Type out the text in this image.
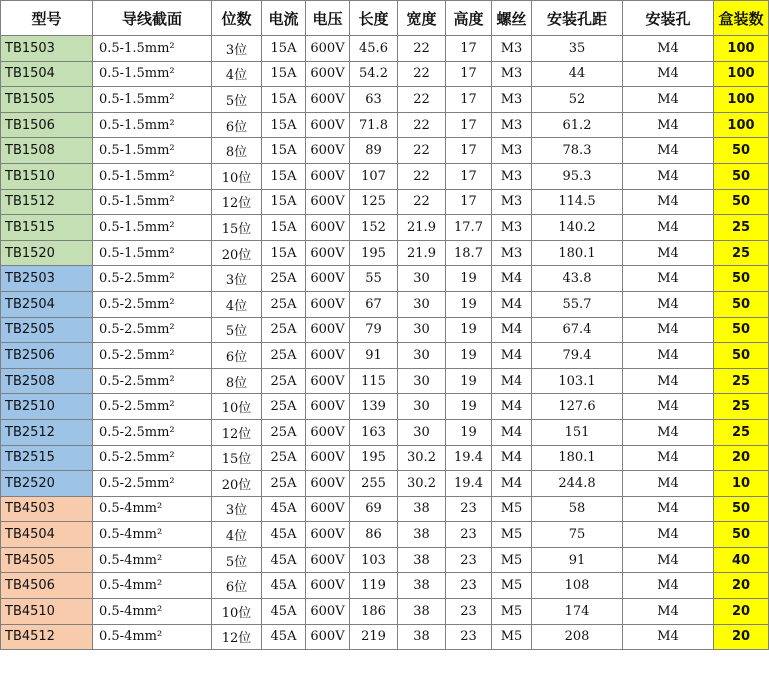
型号	导线截面	位数	电流	电压	长度	宽度	高度	螺丝	安装孔距	安装孔	盒装数
TB1503	0.5-1.5mm²	3位	15A	600V	45.6	22	17	M3	35	M4	100
TB1504	0.5-1.5mm²	4位	15A	600V	54.2	22	17	M3	44	M4	100
TB1505	0.5-1.5mm²	5位	15A	600V	63	22	17	M3	52	M4	100
TB1506	0.5-1.5mm²	6位	15A	600V	71.8	22	17	M3	61.2	M4	100
TB1508	0.5-1.5mm²	8位	15A	600V	89	22	17	M3	78.3	M4	50
TB1510	0.5-1.5mm²	10位	15A	600V	107	22	17	M3	95.3	M4	50
TB1512	0.5-1.5mm²	12位	15A	600V	125	22	17	M3	114.5	M4	50
TB1515	0.5-1.5mm²	15位	15A	600V	152	21.9	17.7	M3	140.2	M4	25
TB1520	0.5-1.5mm²	20位	15A	600V	195	21.9	18.7	M3	180.1	M4	25
TB2503	0.5-2.5mm²	3位	25A	600V	55	30	19	M4	43.8	M4	50
TB2504	0.5-2.5mm²	4位	25A	600V	67	30	19	M4	55.7	M4	50
TB2505	0.5-2.5mm²	5位	25A	600V	79	30	19	M4	67.4	M4	50
TB2506	0.5-2.5mm²	6位	25A	600V	91	30	19	M4	79.4	M4	50
TB2508	0.5-2.5mm²	8位	25A	600V	115	30	19	M4	103.1	M4	25
TB2510	0.5-2.5mm²	10位	25A	600V	139	30	19	M4	127.6	M4	25
TB2512	0.5-2.5mm²	12位	25A	600V	163	30	19	M4	151	M4	25
TB2515	0.5-2.5mm²	15位	25A	600V	195	30.2	19.4	M4	180.1	M4	20
TB2520	0.5-2.5mm²	20位	25A	600V	255	30.2	19.4	M4	244.8	M4	10
TB4503	0.5-4mm²	3位	45A	600V	69	38	23	M5	58	M4	50
TB4504	0.5-4mm²	4位	45A	600V	86	38	23	M5	75	M4	50
TB4505	0.5-4mm²	5位	45A	600V	103	38	23	M5	91	M4	40
TB4506	0.5-4mm²	6位	45A	600V	119	38	23	M5	108	M4	20
TB4510	0.5-4mm²	10位	45A	600V	186	38	23	M5	174	M4	20
TB4512	0.5-4mm²	12位	45A	600V	219	38	23	M5	208	M4	20
